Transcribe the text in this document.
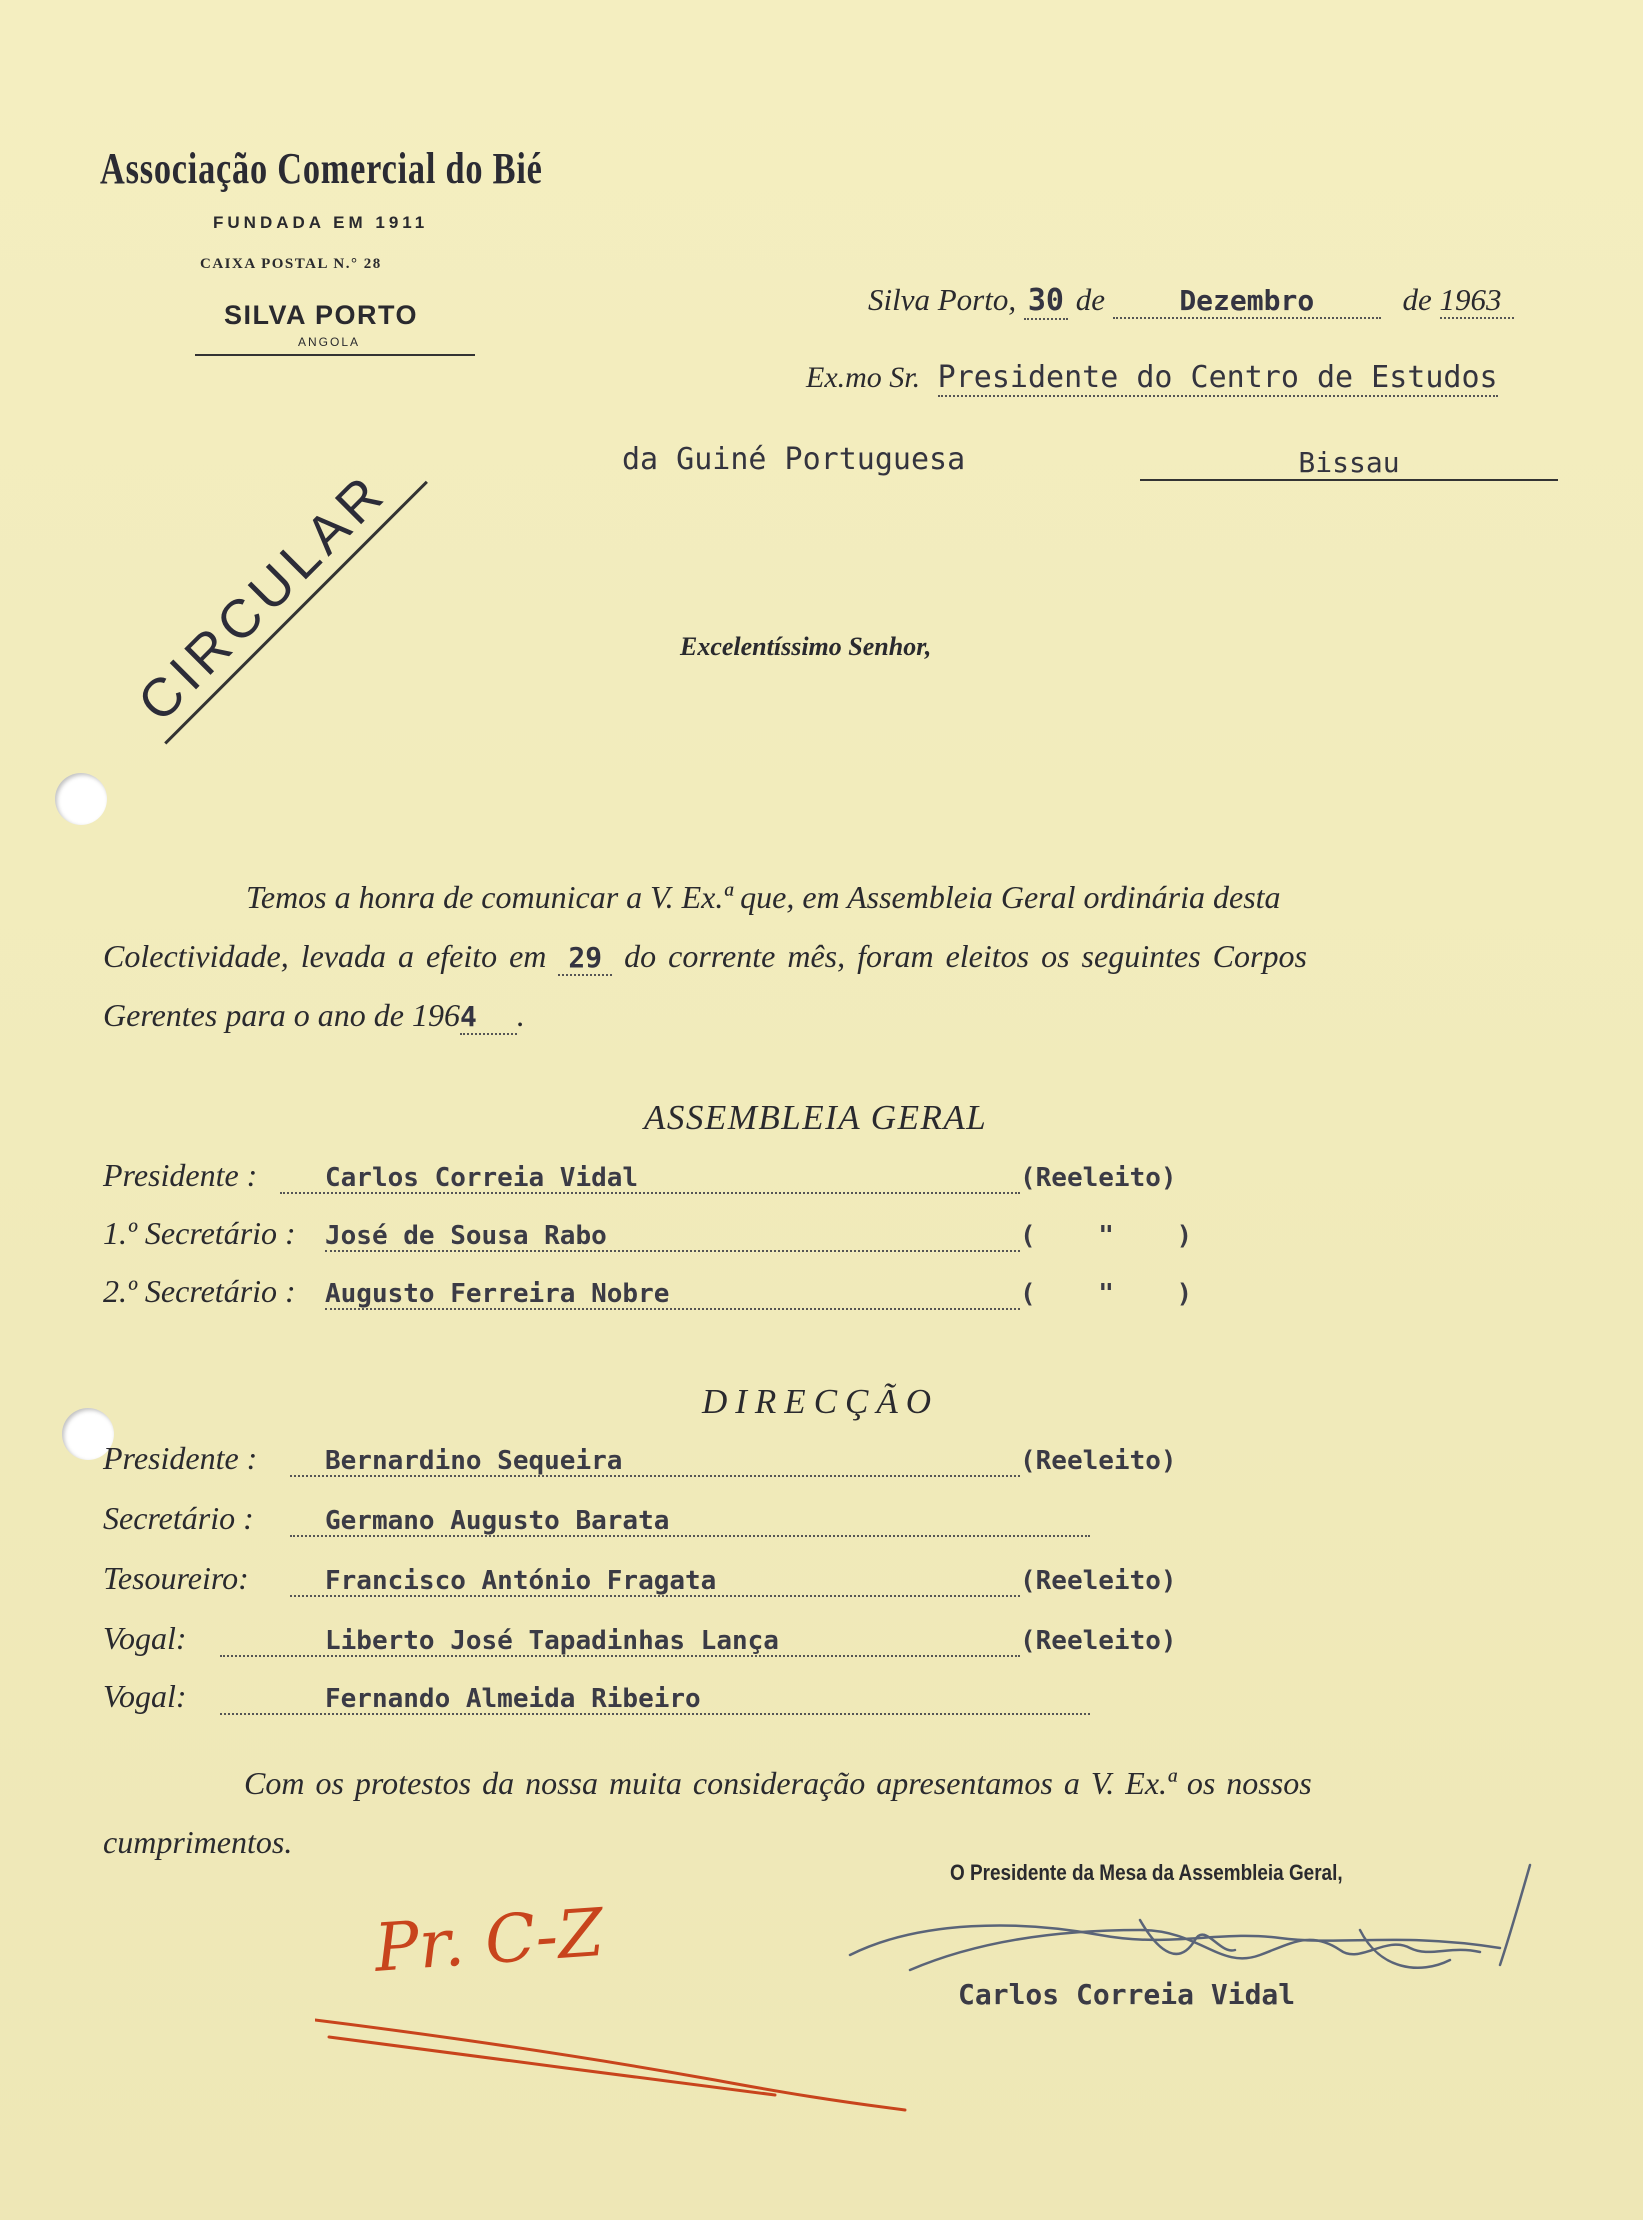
Associação Comercial do Bié
FUNDADA EM 1911
CAIXA POSTAL N.° 28
SILVA PORTO
ANGOLA
Silva Porto, 30 de	Dezembro	de 1963
Ex.mo Sr. Presidente do Centro de Estudos
da Guiné Portuguesa	Bissau
CIRCULAR	Excelentíssimo Senhor,
Temos a honra de comunicar a V. Ex.ª que, em Assembleia Geral ordinária desta
Colectividade, levada a efeito em 29 do corrente mês, foram eleitos os seguintes Corpos
Gerentes para o ano de 1964 .
ASSEMBLEIA GERAL
Presidente :	Carlos Correia Vidal	(Reeleito)
1.º Secretário : José de Sousa Rabo	(    "    )
2.º Secretário : Augusto Ferreira Nobre	(    "    )
DIRECÇÃO
Presidente :	Bernardino Sequeira	(Reeleito)
Secretário :	Germano Augusto Barata
Tesoureiro:	Francisco António Fragata	(Reeleito)
Vogal:	Liberto José Tapadinhas Lança	(Reeleito)
Vogal:	Fernando Almeida Ribeiro
Com os protestos da nossa muita consideração apresentamos a V. Ex.ª os nossos
cumprimentos.
O Presidente da Mesa da Assembleia Geral,
Carlos Correia Vidal
Pr. C-Z
